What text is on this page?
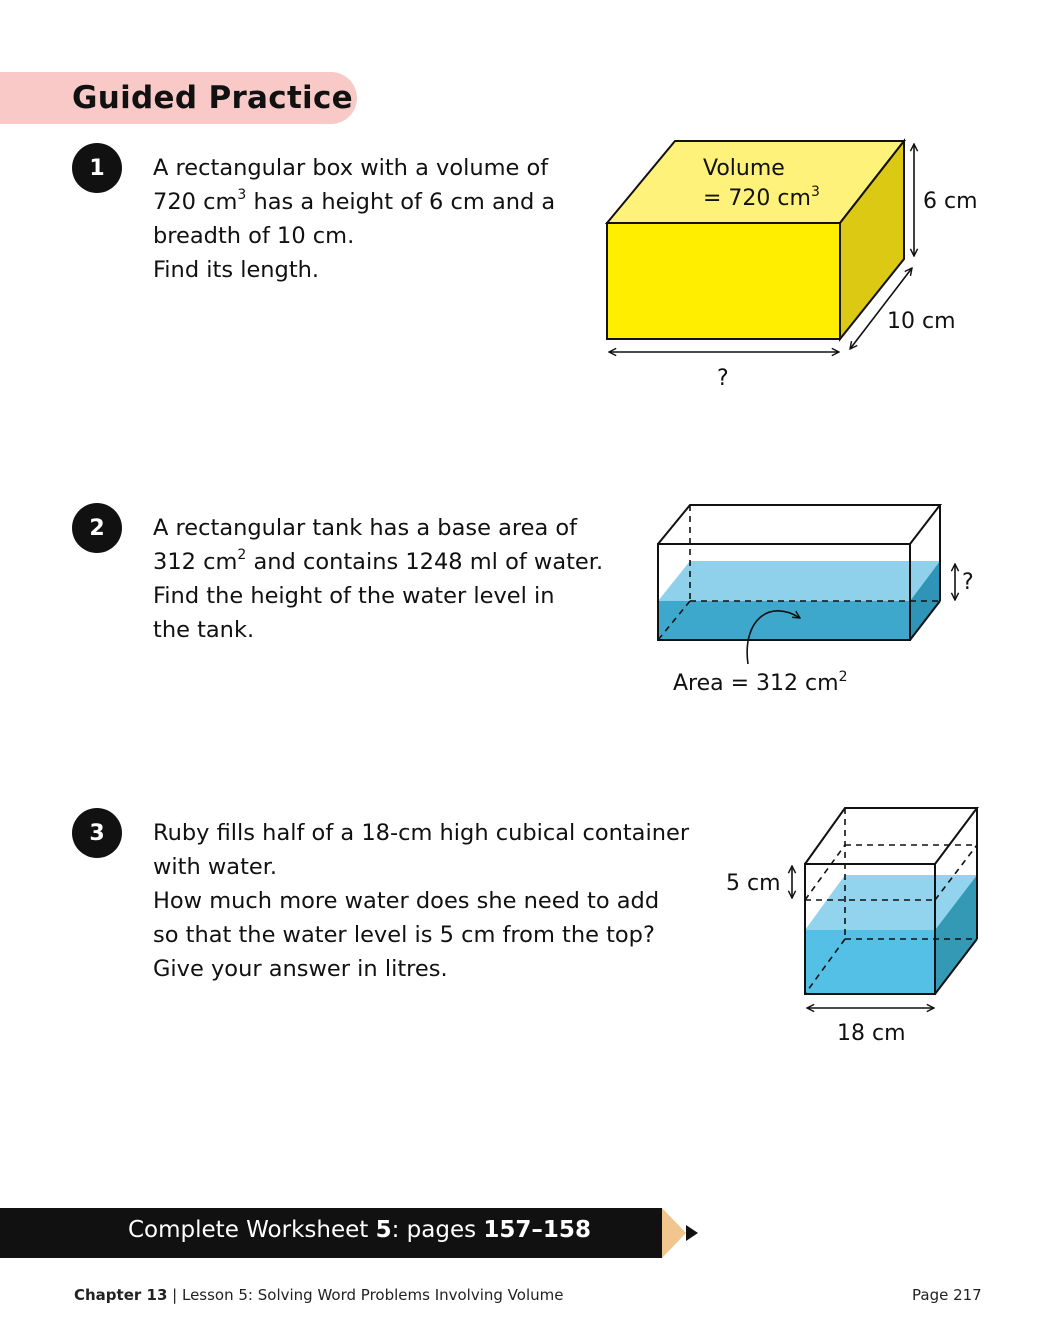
Guided Practice
1 A rectangular box with a volume of

720 $cm^3$ has a height of 6 cm and a

breadth of 10 cm.

Find its length.

Volume
= 720 $cm^3$	6 cm
10 cm
?
?
Area = 312 $cm^2$
5 cm
18 cm
2 A rectangular tank has a base area of

312 $cm^2$ and contains 1248 ml of water.

Find the height of the water level in

the tank.

3 Ruby fills half of a 18-cm high cubical container

with water.

How much more water does she need to add

so that the water level is 5 cm from the top?

Give your answer in litres.

Complete Worksheet 5: pages 157–158
Chapter 13 | Lesson 5: Solving Word Problems Involving Volume	Page 217
